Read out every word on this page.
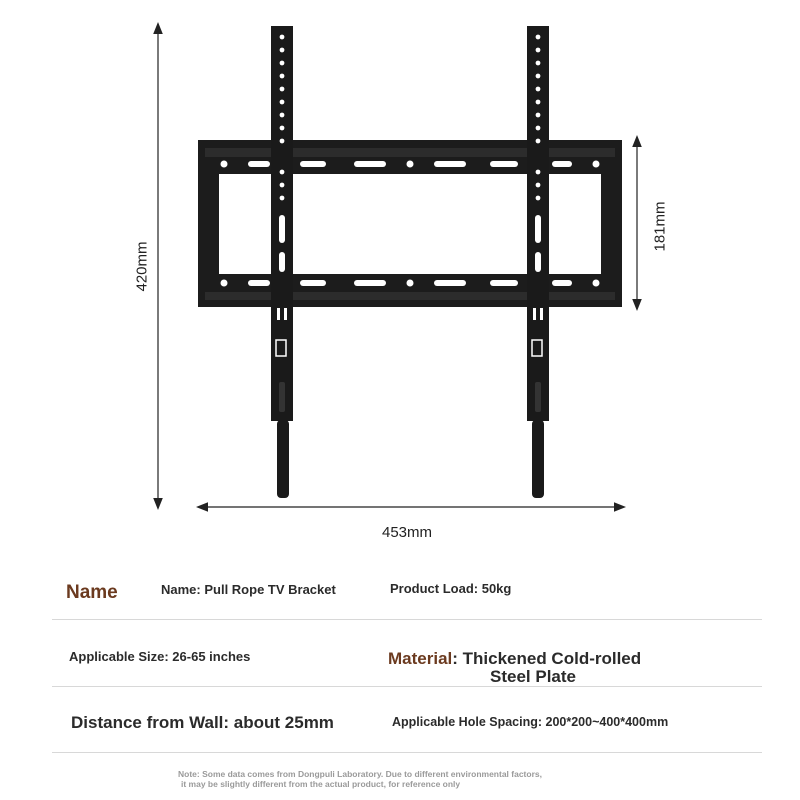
420mm
453mm
181mm
Name	Name: Pull Rope TV Bracket	Product Load: 50kg
Applicable Size: 26-65 inches	Material: Thickened Cold-rolled
Steel Plate
Distance from Wall: about 25mm	Applicable Hole Spacing: 200*200~400*400mm
Note: Some data comes from Dongpuli Laboratory. Due to different environmental factors,
it may be slightly different from the actual product, for reference only
